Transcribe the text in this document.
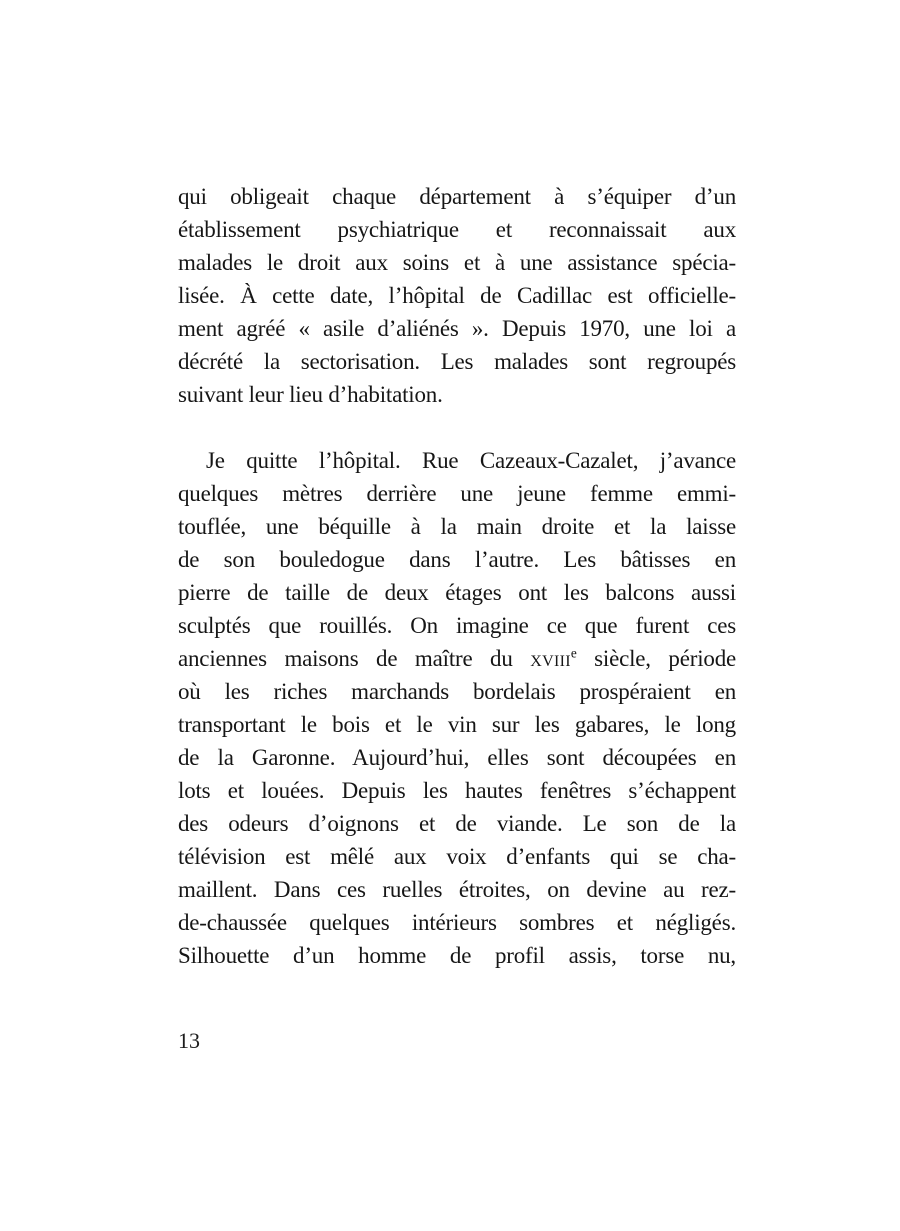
qui obligeait chaque département à s’équiper d’un
établissement psychiatrique et reconnaissait aux
malades le droit aux soins et à une assistance spécia-
lisée. À cette date, l’hôpital de Cadillac est officielle-
ment agréé « asile d’aliénés ». Depuis 1970, une loi a
décrété la sectorisation. Les malades sont regroupés
suivant leur lieu d’habitation.
Je quitte l’hôpital. Rue Cazeaux-Cazalet, j’avance
quelques mètres derrière une jeune femme emmi-
touflée, une béquille à la main droite et la laisse
de son bouledogue dans l’autre. Les bâtisses en
pierre de taille de deux étages ont les balcons aussi
sculptés que rouillés. On imagine ce que furent ces
anciennes maisons de maître du xviii$^e$ siècle, période
où les riches marchands bordelais prospéraient en
transportant le bois et le vin sur les gabares, le long
de la Garonne. Aujourd’hui, elles sont découpées en
lots et louées. Depuis les hautes fenêtres s’échappent
des odeurs d’oignons et de viande. Le son de la
télévision est mêlé aux voix d’enfants qui se cha-
maillent. Dans ces ruelles étroites, on devine au rez-
de-chaussée quelques intérieurs sombres et négligés.
Silhouette d’un homme de profil assis, torse nu,
13
